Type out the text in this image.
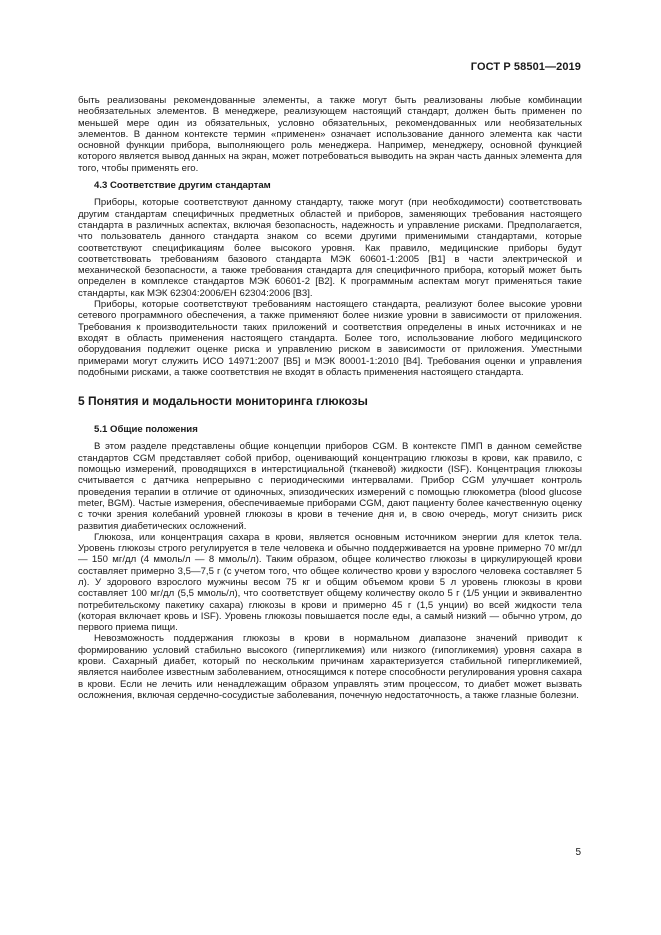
ГОСТ Р 58501—2019

быть реализованы рекомендованные элементы, а также могут быть реализованы любые комбинации необязательных элементов. В менеджере, реализующем настоящий стандарт, должен быть применен по меньшей мере один из обязательных, условно обязательных, рекомендованных или необязательных элементов. В данном контексте термин «применен» означает использование данного элемента как части основной функции прибора, выполняющего роль менеджера. Например, менеджеру, основной функцией которого является вывод данных на экран, может потребоваться выводить на экран часть данных элемента для того, чтобы применять его.

4.3 Соответствие другим стандартам

Приборы, которые соответствуют данному стандарту, также могут (при необходимости) соответствовать другим стандартам специфичных предметных областей и приборов, заменяющих требования настоящего стандарта в различных аспектах, включая безопасность, надежность и управление рисками. Предполагается, что пользователь данного стандарта знаком со всеми другими применимыми стандартами, которые соответствуют спецификациям более высокого уровня. Как правило, медицинские приборы будут соответствовать требованиям базового стандарта МЭК 60601-1:2005 [B1] в части электрической и механической безопасности, а также требования стандарта для специфичного прибора, который может быть определен в комплексе стандартов МЭК 60601-2 [B2]. К программным аспектам могут применяться такие стандарты, как МЭК 62304:2006/ЕН 62304:2006 [B3].

Приборы, которые соответствуют требованиям настоящего стандарта, реализуют более высокие уровни сетевого программного обеспечения, а также применяют более низкие уровни в зависимости от приложения. Требования к производительности таких приложений и соответствия определены в иных источниках и не входят в область применения настоящего стандарта. Более того, использование любого медицинского оборудования подлежит оценке риска и управлению риском в зависимости от приложения. Уместными примерами могут служить ИСО 14971:2007 [B5] и МЭК 80001-1:2010 [B4]. Требования оценки и управления подобными рисками, а также соответствия не входят в область применения настоящего стандарта.

5 Понятия и модальности мониторинга глюкозы
5.1 Общие положения

В этом разделе представлены общие концепции приборов CGM. В контексте ПМП в данном семействе стандартов CGM представляет собой прибор, оценивающий концентрацию глюкозы в крови, как правило, с помощью измерений, проводящихся в интерстициальной (тканевой) жидкости (ISF). Концентрация глюкозы считывается с датчика непрерывно с периодическими интервалами. Прибор CGM улучшает контроль проведения терапии в отличие от одиночных, эпизодических измерений с помощью глюкометра (blood glucose meter, BGM). Частые измерения, обеспечиваемые приборами CGM, дают пациенту более качественную оценку с точки зрения колебаний уровней глюкозы в крови в течение дня и, в свою очередь, могут снизить риск развития диабетических осложнений.

Глюкоза, или концентрация сахара в крови, является основным источником энергии для клеток тела. Уровень глюкозы строго регулируется в теле человека и обычно поддерживается на уровне примерно 70 мг/дл — 150 мг/дл (4 ммоль/л — 8 ммоль/л). Таким образом, общее количество глюкозы в циркулирующей крови составляет примерно 3,5—7,5 г (с учетом того, что общее количество крови у взрослого человека составляет 5 л). У здорового взрослого мужчины весом 75 кг и общим объемом крови 5 л уровень глюкозы в крови составляет 100 мг/дл (5,5 ммоль/л), что соответствует общему количеству около 5 г (1/5 унции и эквивалентно потребительскому пакетику сахара) глюкозы в крови и примерно 45 г (1,5 унции) во всей жидкости тела (которая включает кровь и ISF). Уровень глюкозы повышается после еды, а самый низкий — обычно утром, до первого приема пищи.

Невозможность поддержания глюкозы в крови в нормальном диапазоне значений приводит к формированию условий стабильно высокого (гипергликемия) или низкого (гипогликемия) уровня сахара в крови. Сахарный диабет, который по нескольким причинам характеризуется стабильной гипергликемией, является наиболее известным заболеванием, относящимся к потере способности регулирования уровня сахара в крови. Если не лечить или ненадлежащим образом управлять этим процессом, то диабет может вызвать осложнения, включая сердечно-сосудистые заболевания, почечную недостаточность, а также глазные болезни.

5
